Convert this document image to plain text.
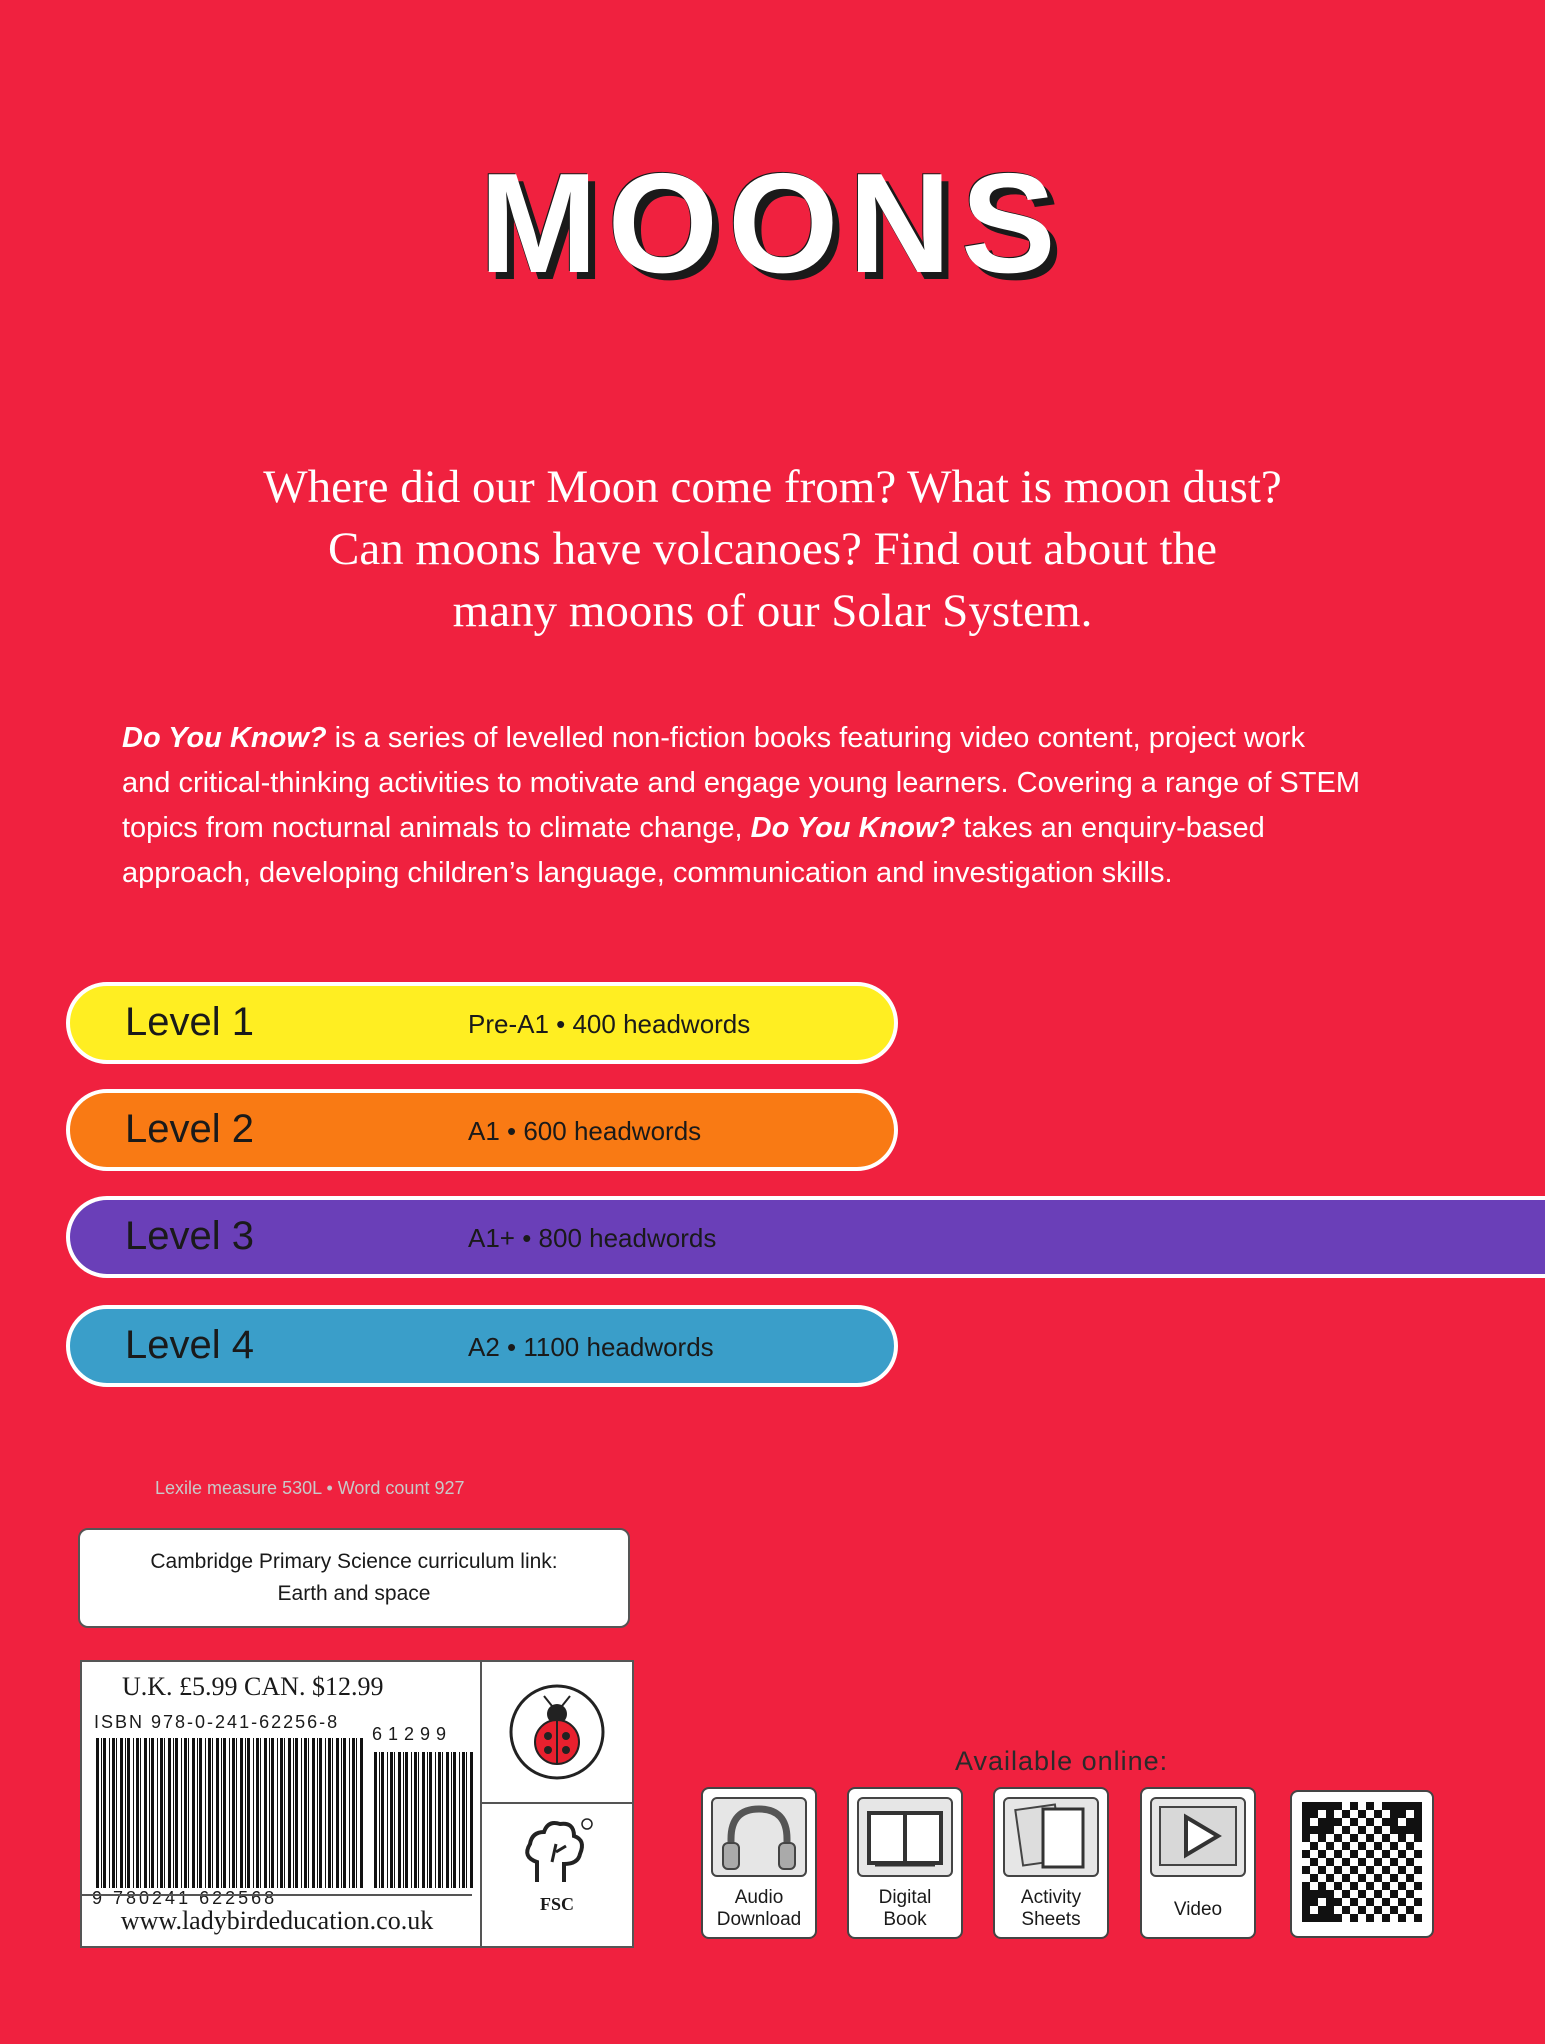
MOONS
Where did our Moon come from? What is moon dust?
Can moons have volcanoes? Find out about the
many moons of our Solar System.
Do You Know? is a series of levelled non-fiction books featuring video content, project work
and critical-thinking activities to motivate and engage young learners. Covering a range of STEM
topics from nocturnal animals to climate change, Do You Know? takes an enquiry-based
approach, developing children’s language, communication and investigation skills.
Level 1	Pre-A1 • 400 headwords
Level 2	A1 • 600 headwords
Level 3	A1+ • 800 headwords
Level 4	A2 • 1100 headwords
Lexile measure 530L • Word count 927
Cambridge Primary Science curriculum link:
Earth and space
U.K. £5.99 CAN. $12.99
ISBN 978-0-241-62256-8
61299
9 780241 622568
www.ladybirdeducation.co.uk
FSC
Available online:
Audio
Download
Digital
Book
Activity
Sheets	Video
